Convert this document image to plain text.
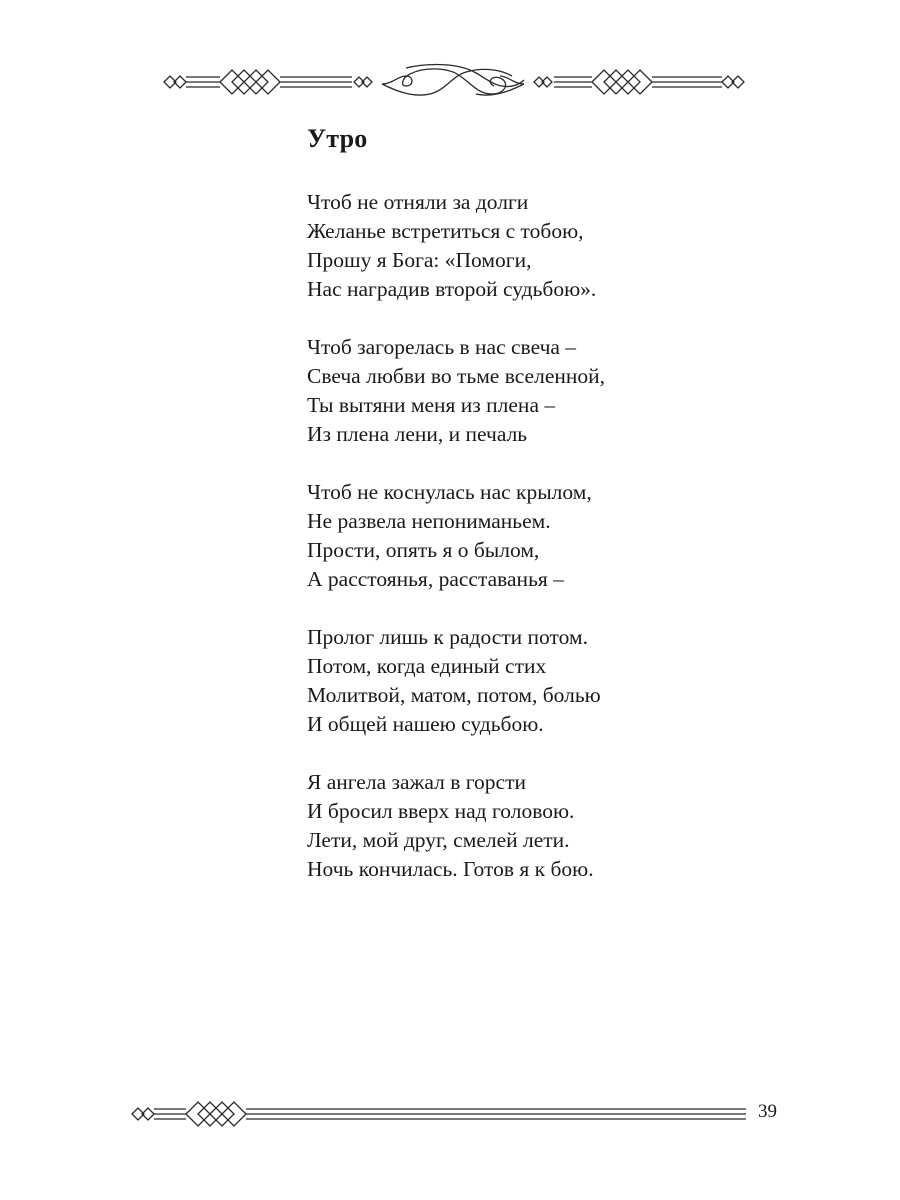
Утро
Чтоб не отняли за долги
Желанье встретиться с тобою,
Прошу я Бога: «Помоги,
Нас наградив второй судьбою».
Чтоб загорелась в нас свеча –
Свеча любви во тьме вселенной,
Ты вытяни меня из плена –
Из плена лени, и печаль
Чтоб не коснулась нас крылом,
Не развела непониманьем.
Прости, опять я о былом,
А расстоянья, расставанья –
Пролог лишь к радости потом.
Потом, когда единый стих
Молитвой, матом, потом, болью
И общей нашею судьбою.
Я ангела зажал в горсти
И бросил вверх над головою.
Лети, мой друг, смелей лети.
Ночь кончилась. Готов я к бою.
39
